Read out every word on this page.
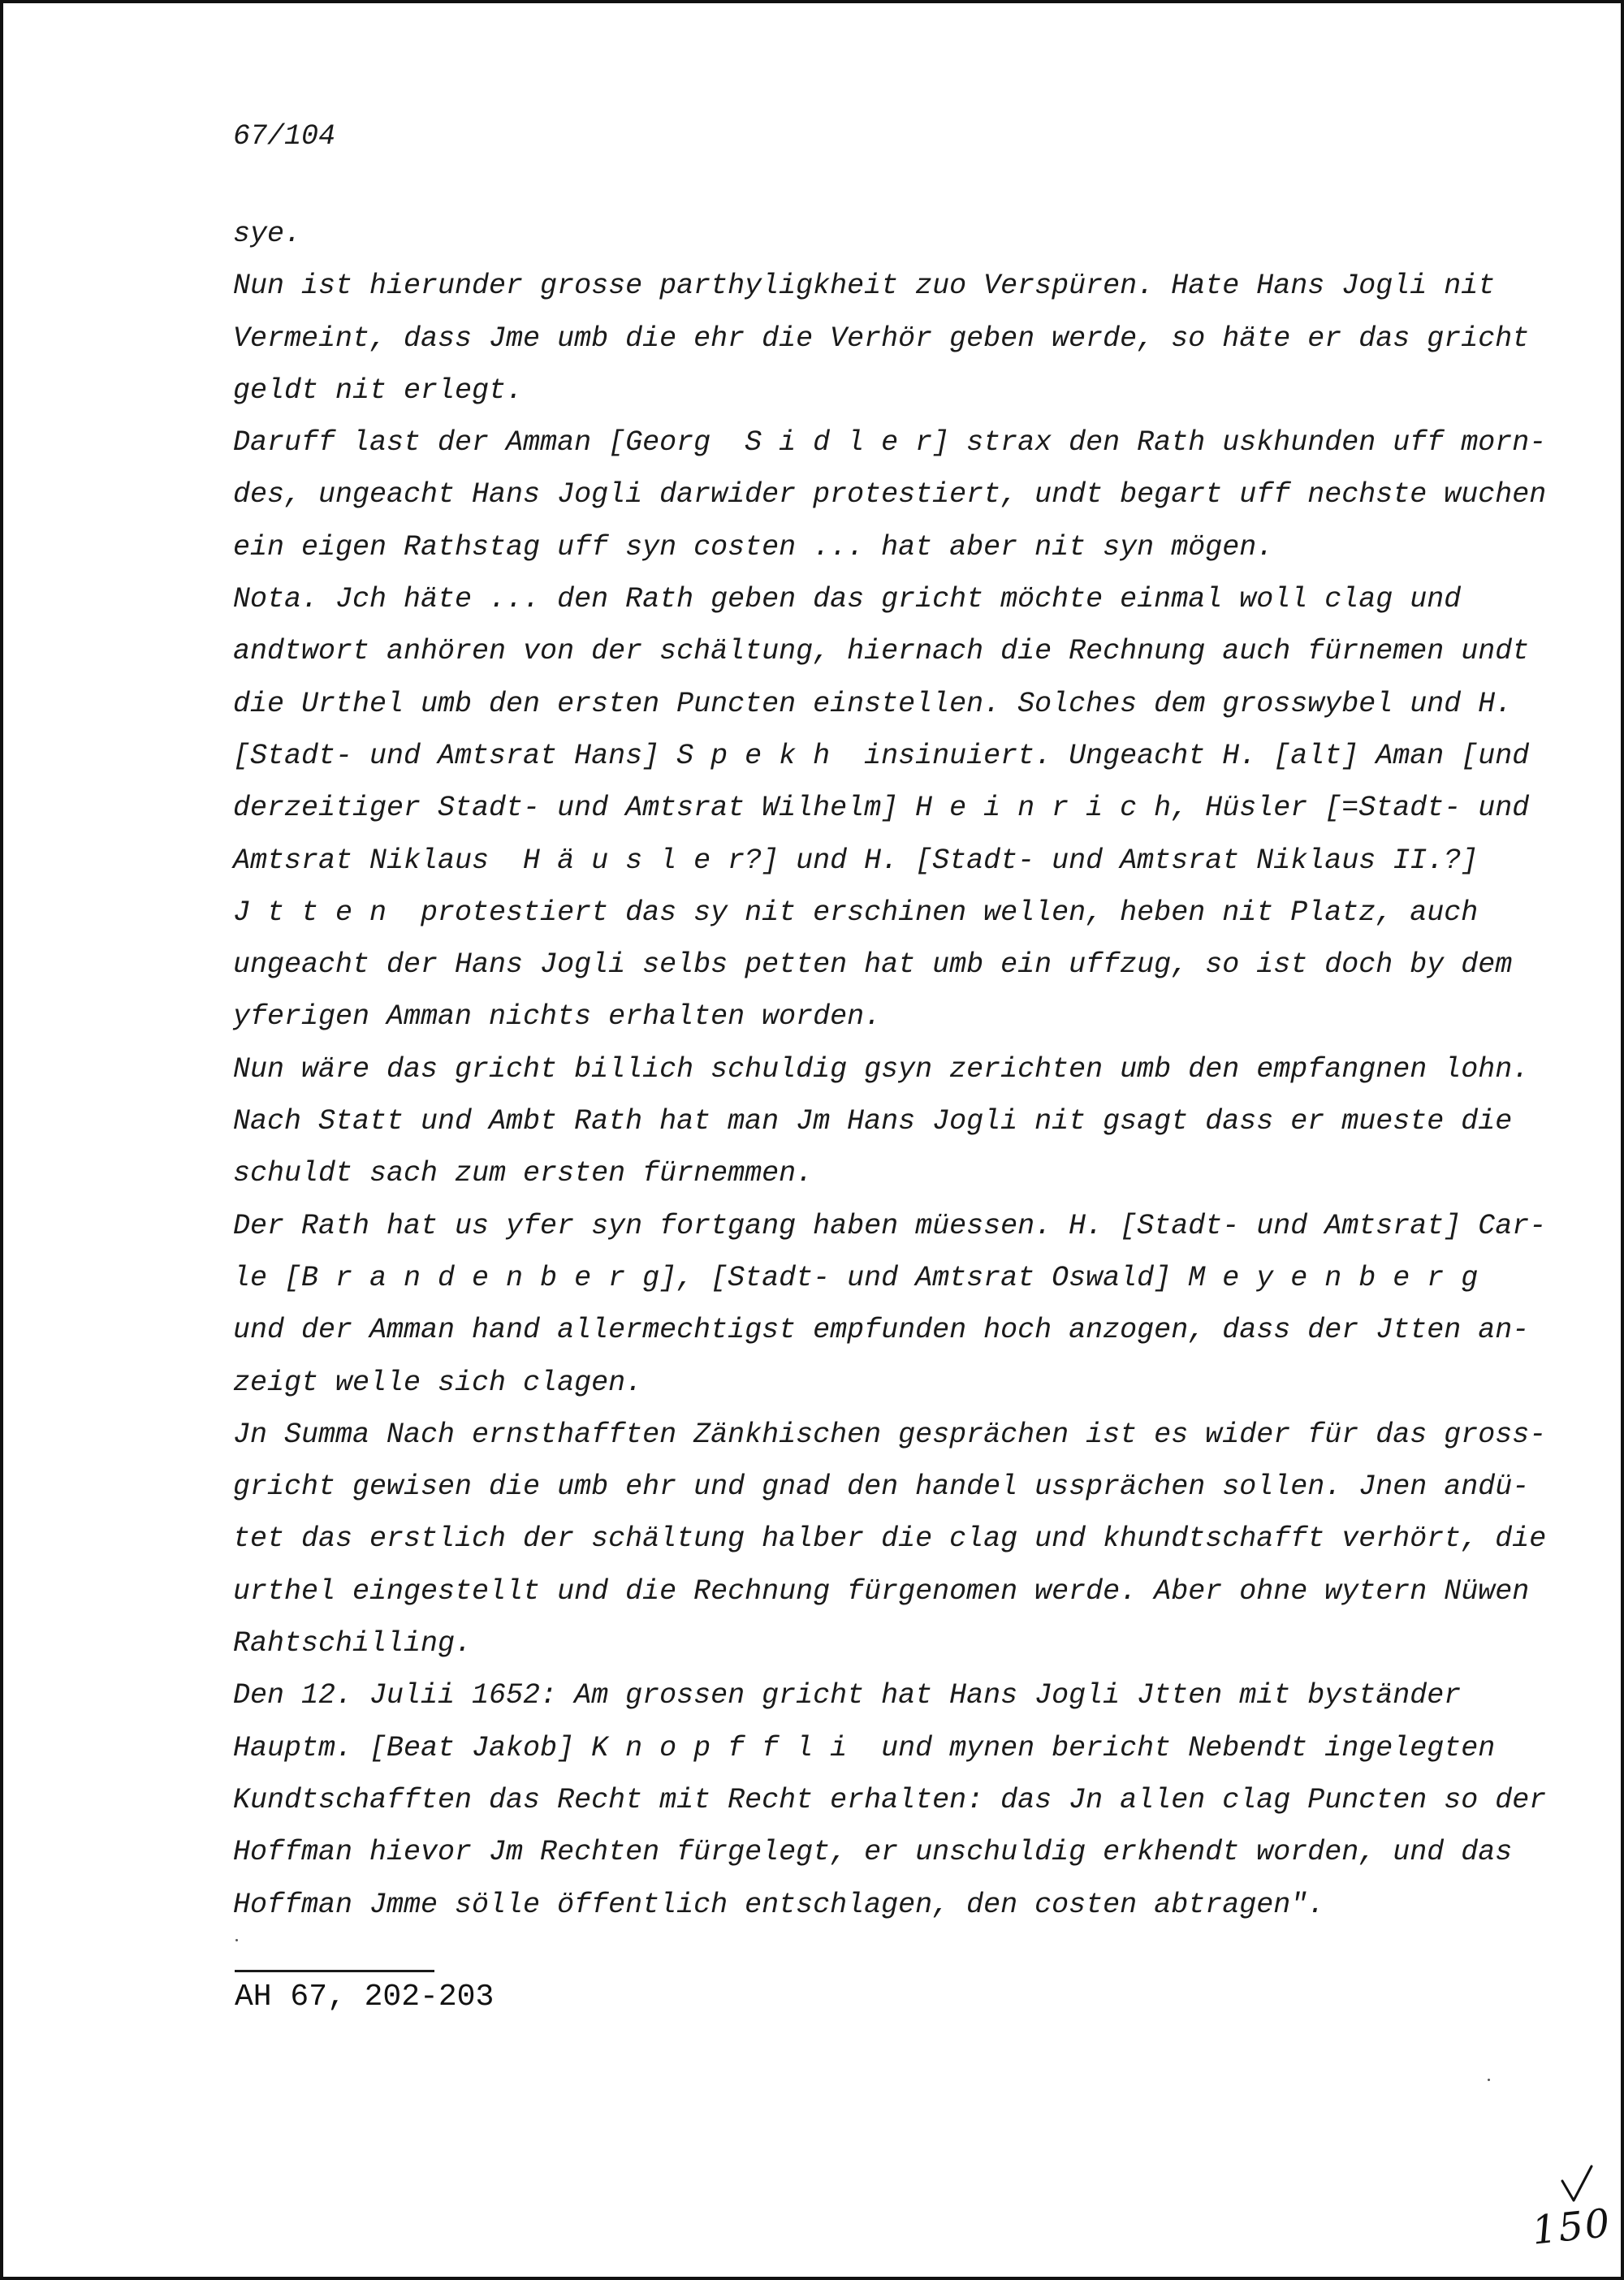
67/104
sye.
Nun ist hierunder grosse parthyligkheit zuo Verspüren. Hate Hans Jogli nit
Vermeint, dass Jme umb die ehr die Verhör geben werde, so häte er das gricht
geldt nit erlegt.
Daruff last der Amman [Georg  S i d l e r] strax den Rath uskhunden uff morn-
des, ungeacht Hans Jogli darwider protestiert, undt begart uff nechste wuchen
ein eigen Rathstag uff syn costen ... hat aber nit syn mögen.
Nota. Jch häte ... den Rath geben das gricht möchte einmal woll clag und
andtwort anhören von der schältung, hiernach die Rechnung auch fürnemen undt
die Urthel umb den ersten Puncten einstellen. Solches dem grosswybel und H.
[Stadt- und Amtsrat Hans] S p e k h  insinuiert. Ungeacht H. [alt] Aman [und
derzeitiger Stadt- und Amtsrat Wilhelm] H e i n r i c h, Hüsler [=Stadt- und
Amtsrat Niklaus  H ä u s l e r?] und H. [Stadt- und Amtsrat Niklaus II.?]
J t t e n  protestiert das sy nit erschinen wellen, heben nit Platz, auch
ungeacht der Hans Jogli selbs petten hat umb ein uffzug, so ist doch by dem
yferigen Amman nichts erhalten worden.
Nun wäre das gricht billich schuldig gsyn zerichten umb den empfangnen lohn.
Nach Statt und Ambt Rath hat man Jm Hans Jogli nit gsagt dass er mueste die
schuldt sach zum ersten fürnemmen.
Der Rath hat us yfer syn fortgang haben müessen. H. [Stadt- und Amtsrat] Car-
le [B r a n d e n b e r g], [Stadt- und Amtsrat Oswald] M e y e n b e r g
und der Amman hand allermechtigst empfunden hoch anzogen, dass der Jtten an-
zeigt welle sich clagen.
Jn Summa Nach ernsthafften Zänkhischen gesprächen ist es wider für das gross-
gricht gewisen die umb ehr und gnad den handel ussprächen sollen. Jnen andü-
tet das erstlich der schältung halber die clag und khundtschafft verhört, die
urthel eingestellt und die Rechnung fürgenomen werde. Aber ohne wytern Nüwen
Rahtschilling.
Den 12. Julii 1652: Am grossen gricht hat Hans Jogli Jtten mit byständer
Hauptm. [Beat Jakob] K n o p f f l i  und mynen bericht Nebendt ingelegten
Kundtschafften das Recht mit Recht erhalten: das Jn allen clag Puncten so der
Hoffman hievor Jm Rechten fürgelegt, er unschuldig erkhendt worden, und das
Hoffman Jmme sölle öffentlich entschlagen, den costen abtragen".
AH 67, 202-203
150
